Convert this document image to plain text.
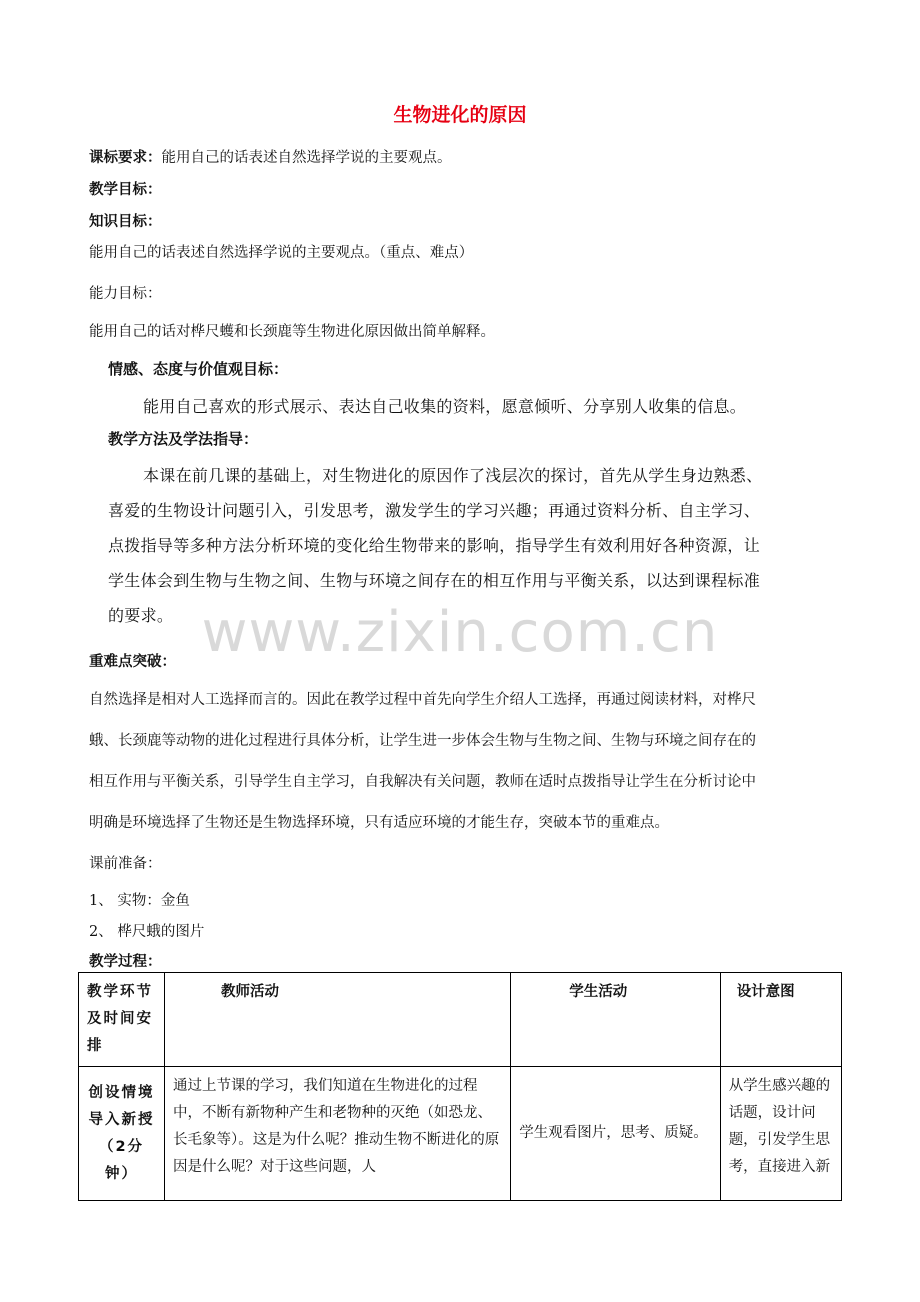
生物进化的原因
课标要求：能用自己的话表述自然选择学说的主要观点。
教学目标：
知识目标：
能用自己的话表述自然选择学说的主要观点。（重点、难点）
能力目标：
能用自己的话对桦尺蠖和长颈鹿等生物进化原因做出简单解释。
情感、态度与价值观目标：
能用自己喜欢的形式展示、表达自己收集的资料，愿意倾听、分享别人收集的信息。
教学方法及学法指导：
本课在前几课的基础上，对生物进化的原因作了浅层次的探讨，首先从学生身边熟悉、
喜爱的生物设计问题引入，引发思考，激发学生的学习兴趣；再通过资料分析、自主学习、
点拨指导等多种方法分析环境的变化给生物带来的影响，指导学生有效利用好各种资源，让
学生体会到生物与生物之间、生物与环境之间存在的相互作用与平衡关系，以达到课程标准
的要求。 www.zixin.com.cn
重难点突破：
自然选择是相对人工选择而言的。因此在教学过程中首先向学生介绍人工选择，再通过阅读材料，对桦尺
蛾、长颈鹿等动物的进化过程进行具体分析，让学生进一步体会生物与生物之间、生物与环境之间存在的
相互作用与平衡关系，引导学生自主学习，自我解决有关问题，教师在适时点拨指导让学生在分析讨论中
明确是环境选择了生物还是生物选择环境，只有适应环境的才能生存，突破本节的重难点。
课前准备：
1、 实物：金鱼
2、 桦尺蛾的图片
教学过程：
教学环节及时间安排	教师活动	学生活动	设计意图
创设情境导入新授（2分钟）	通过上节课的学习，我们知道在生物进化的过程中，不断有新物种产生和老物种的灭绝（如恐龙、长毛象等）。这是为什么呢？推动生物不断进化的原因是什么呢？对于这些问题，人	学生观看图片，思考、质疑。	从学生感兴趣的话题，设计问题，引发学生思考，直接进入新
